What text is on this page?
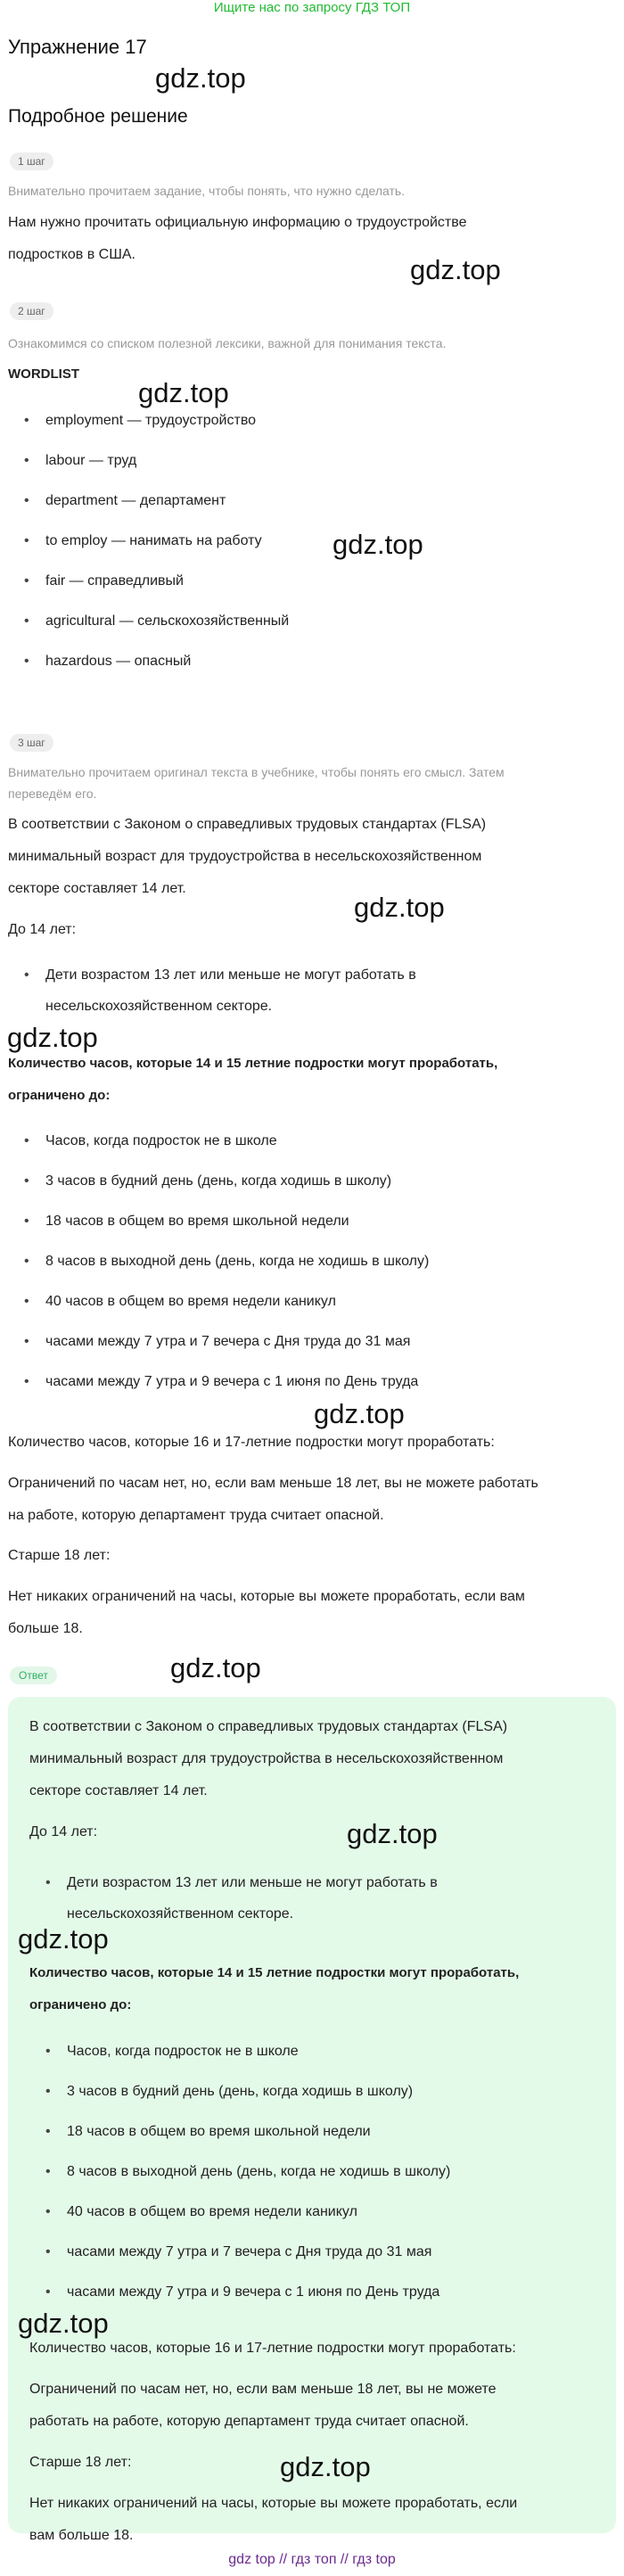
Ищите нас по запросу ГДЗ ТОП
Упражнение 17
Подробное решение
gdz.top
gdz.top
gdz.top
gdz.top
gdz.top
gdz.top
gdz.top
gdz.top
1 шаг
Внимательно прочитаем задание, чтобы понять, что нужно сделать.
Нам нужно прочитать официальную информацию о трудоустройстве
подростков в США.
2 шаг
Ознакомимся со списком полезной лексики, важной для понимания текста.
WORDLIST
• employment — трудоустройство
• labour — труд
• department — департамент
• to employ — нанимать на работу
• fair — справедливый
• agricultural — сельскохозяйственный
• hazardous — опасный
3 шаг
Внимательно прочитаем оригинал текста в учебнике, чтобы понять его смысл. Затем
переведём его.
В соответствии с Законом о справедливых трудовых стандартах (FLSA)
минимальный возраст для трудоустройства в несельскохозяйственном
секторе составляет 14 лет.
До 14 лет:
• Дети возрастом 13 лет или меньше не могут работать в
несельскохозяйственном секторе.
Количество часов, которые 14 и 15 летние подростки могут проработать,
ограничено до:
• Часов, когда подросток не в школе
• 3 часов в будний день (день, когда ходишь в школу)
• 18 часов в общем во время школьной недели
• 8 часов в выходной день (день, когда не ходишь в школу)
• 40 часов в общем во время недели каникул
• часами между 7 утра и 7 вечера с Дня труда до 31 мая
• часами между 7 утра и 9 вечера с 1 июня по День труда
Количество часов, которые 16 и 17-летние подростки могут проработать:
Ограничений по часам нет, но, если вам меньше 18 лет, вы не можете работать
на работе, которую департамент труда считает опасной.
Старше 18 лет:
Нет никаких ограничений на часы, которые вы можете проработать, если вам
больше 18.
Ответ
gdz.top
gdz.top
gdz.top
gdz.top
В соответствии с Законом о справедливых трудовых стандартах (FLSA)
минимальный возраст для трудоустройства в несельскохозяйственном
секторе составляет 14 лет.
До 14 лет:
• Дети возрастом 13 лет или меньше не могут работать в
несельскохозяйственном секторе.
Количество часов, которые 14 и 15 летние подростки могут проработать,
ограничено до:
• Часов, когда подросток не в школе
• 3 часов в будний день (день, когда ходишь в школу)
• 18 часов в общем во время школьной недели
• 8 часов в выходной день (день, когда не ходишь в школу)
• 40 часов в общем во время недели каникул
• часами между 7 утра и 7 вечера с Дня труда до 31 мая
• часами между 7 утра и 9 вечера с 1 июня по День труда
Количество часов, которые 16 и 17-летние подростки могут проработать:
Ограничений по часам нет, но, если вам меньше 18 лет, вы не можете
работать на работе, которую департамент труда считает опасной.
Старше 18 лет:
Нет никаких ограничений на часы, которые вы можете проработать, если
вам больше 18.
gdz top // гдз топ // гдз top
